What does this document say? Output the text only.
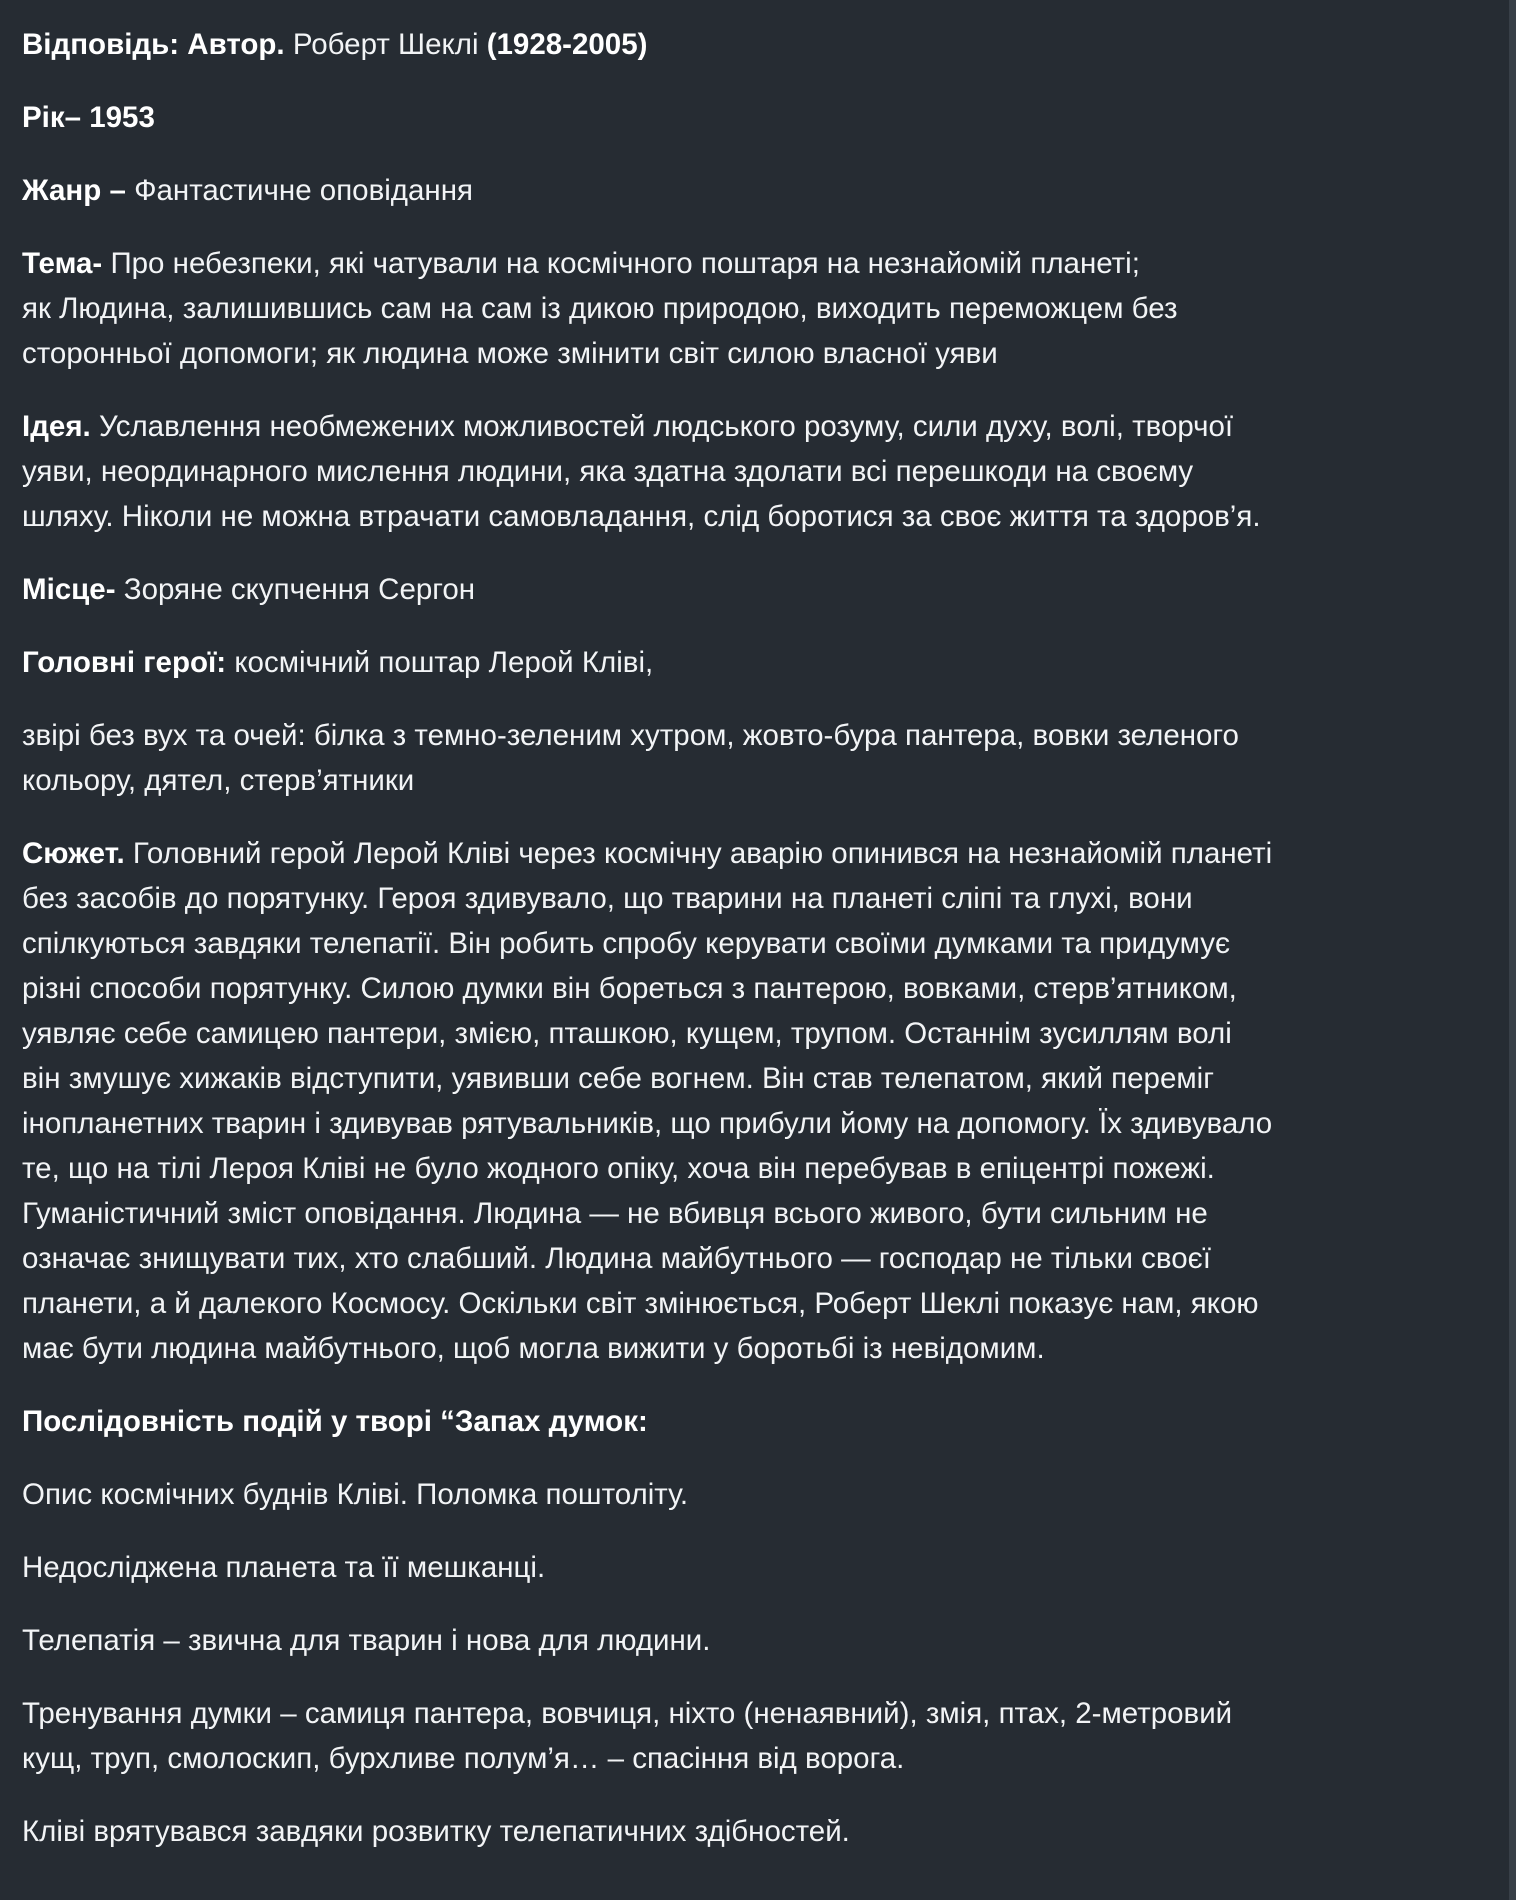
Відповідь: Автор. Роберт Шеклі (1928-2005)

Рік– 1953

Жанр – Фантастичне оповідання

Тема- Про небезпеки, які чатували на космічного поштаря на незнайомій планеті;
як Людина, залишившись сам на сам із дикою природою, виходить переможцем без
сторонньої допомоги; як людина може змінити світ силою власної уяви

Ідея. Уславлення необмежених можливостей людського розуму, сили духу, волі, творчої
уяви, неординарного мислення людини, яка здатна здолати всі перешкоди на своєму
шляху. Ніколи не можна втрачати самовладання, слід боротися за своє життя та здоров’я.

Місце- Зоряне скупчення Сергон

Головні герої: космічний поштар Лерой Кліві,

звірі без вух та очей: білка з темно-зеленим хутром, жовто-бура пантера, вовки зеленого
кольору, дятел, стерв’ятники

Сюжет. Головний герой Лерой Кліві через космічну аварію опинився на незнайомій планеті
без засобів до порятунку. Героя здивувало, що тварини на планеті сліпі та глухі, вони
спілкуються завдяки телепатії. Він робить спробу керувати своїми думками та придумує
різні способи порятунку. Силою думки він бореться з пантерою, вовками, стерв’ятником,
уявляє себе самицею пантери, змією, пташкою, кущем, трупом. Останнім зусиллям волі
він змушує хижаків відступити, уявивши себе вогнем. Він став телепатом, який переміг
інопланетних тварин і здивував рятувальників, що прибули йому на допомогу. Їх здивувало
те, що на тілі Лероя Кліві не було жодного опіку, хоча він перебував в епіцентрі пожежі.
Гуманістичний зміст оповідання. Людина — не вбивця всього живого, бути сильним не
означає знищувати тих, хто слабший. Людина майбутнього — господар не тільки своєї
планети, а й далекого Космосу. Оскільки світ змінюється, Роберт Шеклі показує нам, якою
має бути людина майбутнього, щоб могла вижити у боротьбі із невідомим.

Послідовність подій у творі “Запах думок:

Опис космічних буднів Кліві. Поломка поштоліту.

Недосліджена планета та її мешканці.

Телепатія – звична для тварин і нова для людини.

Тренування думки – самиця пантера, вовчиця, ніхто (ненаявний), змія, птах, 2-метровий
кущ, труп, смолоскип, бурхливе полум’я… – спасіння від ворога.

Кліві врятувався завдяки розвитку телепатичних здібностей.
